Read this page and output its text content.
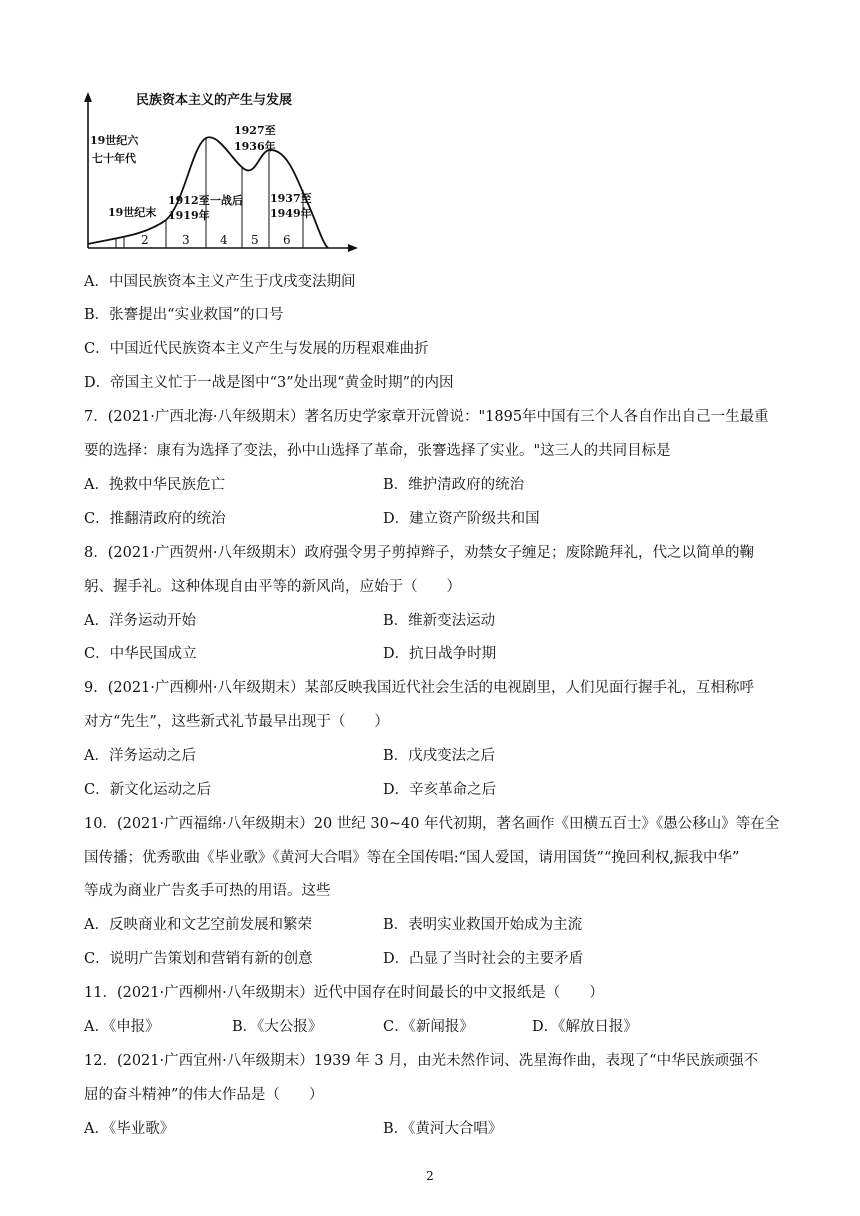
民族资本主义的产生与发展
19世纪六
七十年代
19世纪末
1912至
1919年
一战后
1927至
1936年
1937至
1949年
2	3	4 5 6
A．中国民族资本主义产生于戊戌变法期间
B．张謇提出“实业救国”的口号
C．中国近代民族资本主义产生与发展的历程艰难曲折
D．帝国主义忙于一战是图中“3”处出现“黄金时期”的内因
7．(2021·广西北海·八年级期末）著名历史学家章开沅曾说："1895年中国有三个人各自作出自己一生最重
要的选择：康有为选择了变法，孙中山选择了革命，张謇选择了实业。"这三人的共同目标是
A．挽救中华民族危亡	B．维护清政府的统治
C．推翻清政府的统治	D．建立资产阶级共和国
8．(2021·广西贺州·八年级期末）政府强令男子剪掉辫子，劝禁女子缠足；废除跪拜礼，代之以简单的鞠
躬、握手礼。这种体现自由平等的新风尚，应始于（　　）
A．洋务运动开始	B．维新变法运动
C．中华民国成立	D．抗日战争时期
9．(2021·广西柳州·八年级期末）某部反映我国近代社会生活的电视剧里，人们见面行握手礼，互相称呼
对方“先生”，这些新式礼节最早出现于（　　）
A．洋务运动之后	B．戊戌变法之后
C．新文化运动之后	D．辛亥革命之后
10．(2021·广西福绵·八年级期末）20 世纪 30~40 年代初期，著名画作《田横五百士》《愚公移山》等在全
国传播；优秀歌曲《毕业歌》《黄河大合唱》等在全国传唱:“国人爱国，请用国货”“挽回利权,振我中华”
等成为商业广告炙手可热的用语。这些
A．反映商业和文艺空前发展和繁荣	B．表明实业救国开始成为主流
C．说明广告策划和营销有新的创意	D．凸显了当时社会的主要矛盾
11．(2021·广西柳州·八年级期末）近代中国存在时间最长的中文报纸是（　　）
A．《申报》	B．《大公报》	C．《新闻报》	D．《解放日报》
12．(2021·广西宜州·八年级期末）1939 年 3 月，由光未然作词、冼星海作曲，表现了“中华民族顽强不
屈的奋斗精神”的伟大作品是（　　）
A．《毕业歌》	B．《黄河大合唱》
2
